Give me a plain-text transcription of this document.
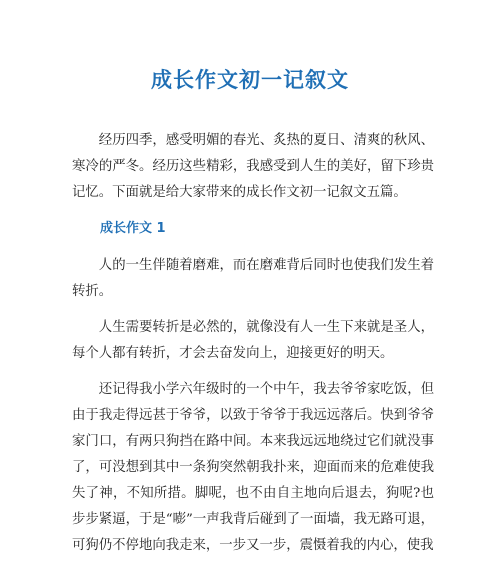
成长作文初一记叙文

经历四季，感受明媚的春光、炙热的夏日、清爽的秋风、寒冷的严冬。经历这些精彩，我感受到人生的美好，留下珍贵记忆。下面就是给大家带来的成长作文初一记叙文五篇。

成长作文 1

人的一生伴随着磨难，而在磨难背后同时也使我们发生着转折。

人生需要转折是必然的，就像没有人一生下来就是圣人，每个人都有转折，才会去奋发向上，迎接更好的明天。

还记得我小学六年级时的一个中午，我去爷爷家吃饭，但由于我走得远甚于爷爷，以致于爷爷于我远远落后。快到爷爷家门口，有两只狗挡在路中间。本来我远远地绕过它们就没事了，可没想到其中一条狗突然朝我扑来，迎面而来的危难使我失了神，不知所措。脚呢，也不由自主地向后退去，狗呢?也步步紧逼，于是“嘭”一声我背后碰到了一面墙，我无路可退，可狗仍不停地向我走来，一步又一步，震慑着我的内心，使我
